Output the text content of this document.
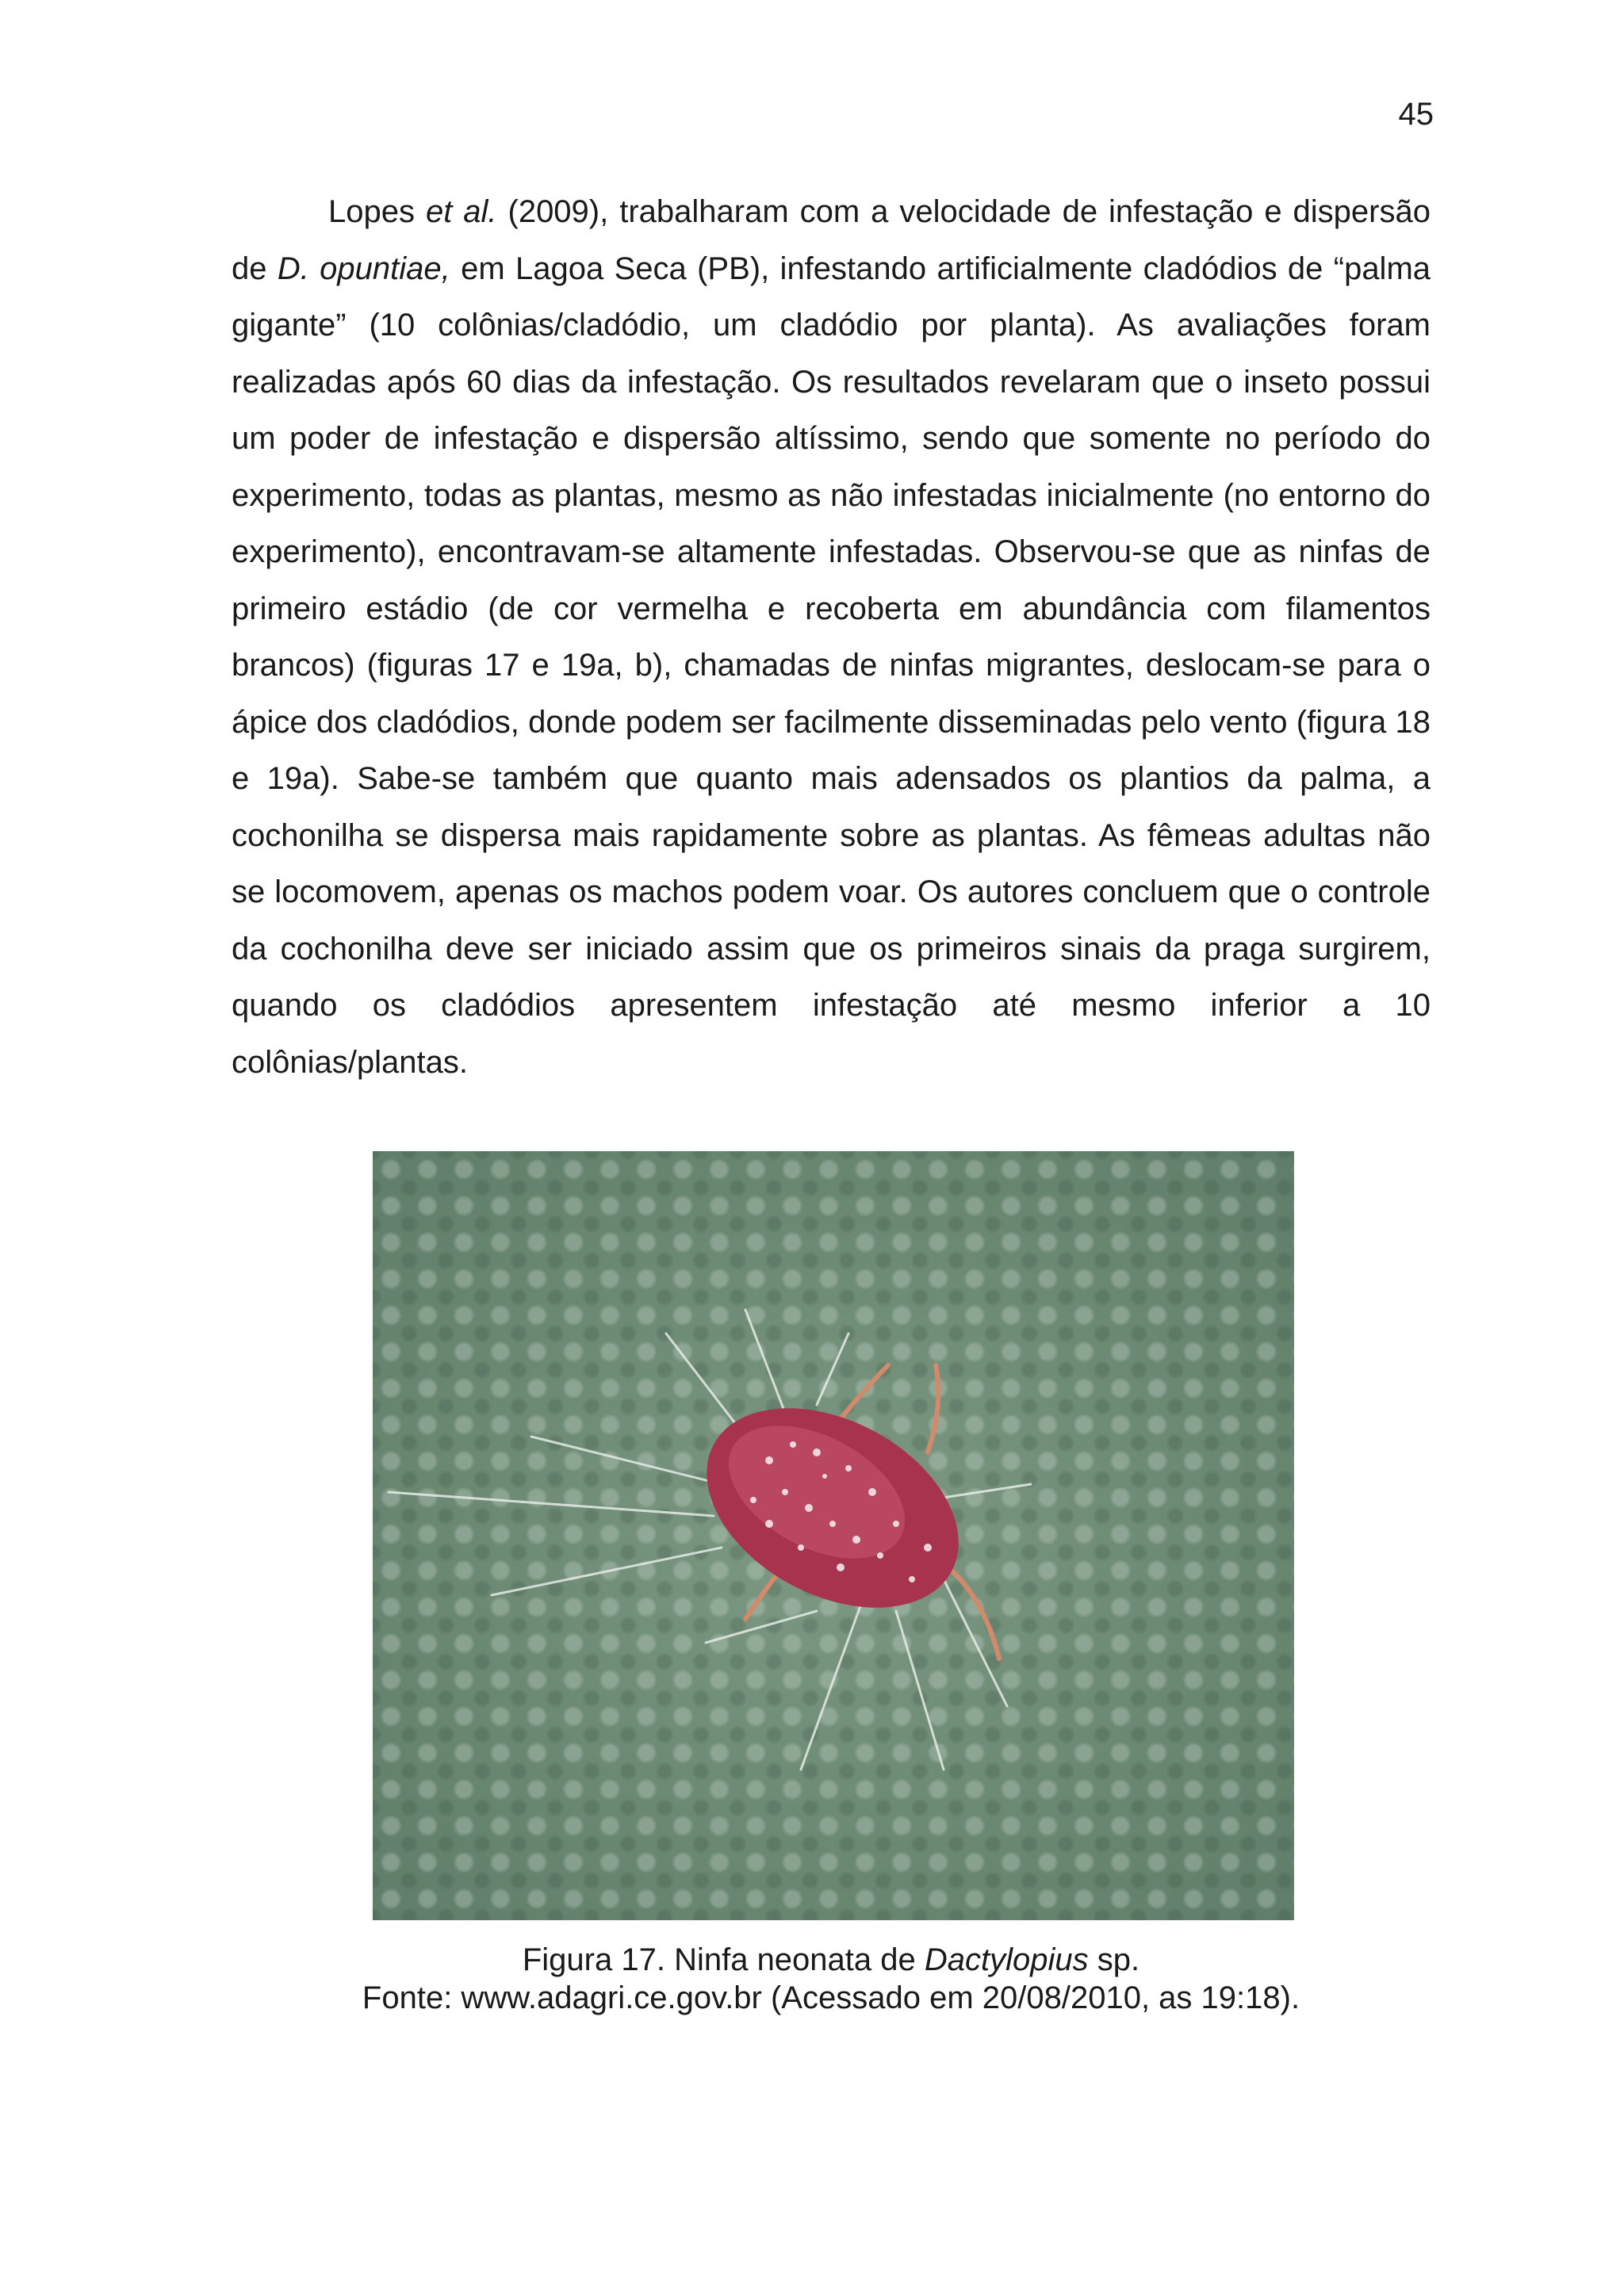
45

Lopes et al. (2009), trabalharam com a velocidade de infestação e dispersão de D. opuntiae, em Lagoa Seca (PB), infestando artificialmente cladódios de “palma gigante” (10 colônias/cladódio, um cladódio por planta). As avaliações foram realizadas após 60 dias da infestação. Os resultados revelaram que o inseto possui um poder de infestação e dispersão altíssimo, sendo que somente no período do experimento, todas as plantas, mesmo as não infestadas inicialmente (no entorno do experimento), encontravam-se altamente infestadas. Observou-se que as ninfas de primeiro estádio (de cor vermelha e recoberta em abundância com filamentos brancos) (figuras 17 e 19a, b), chamadas de ninfas migrantes, deslocam-se para o ápice dos cladódios, donde podem ser facilmente disseminadas pelo vento (figura 18 e 19a). Sabe-se também que quanto mais adensados os plantios da palma, a cochonilha se dispersa mais rapidamente sobre as plantas. As fêmeas adultas não se locomovem, apenas os machos podem voar. Os autores concluem que o controle da cochonilha deve ser iniciado assim que os primeiros sinais da praga surgirem, quando os cladódios apresentem infestação até mesmo inferior a 10 colônias/plantas.

Figura 17. Ninfa neonata de Dactylopius sp.

Fonte: www.adagri.ce.gov.br (Acessado em 20/08/2010, as 19:18).
